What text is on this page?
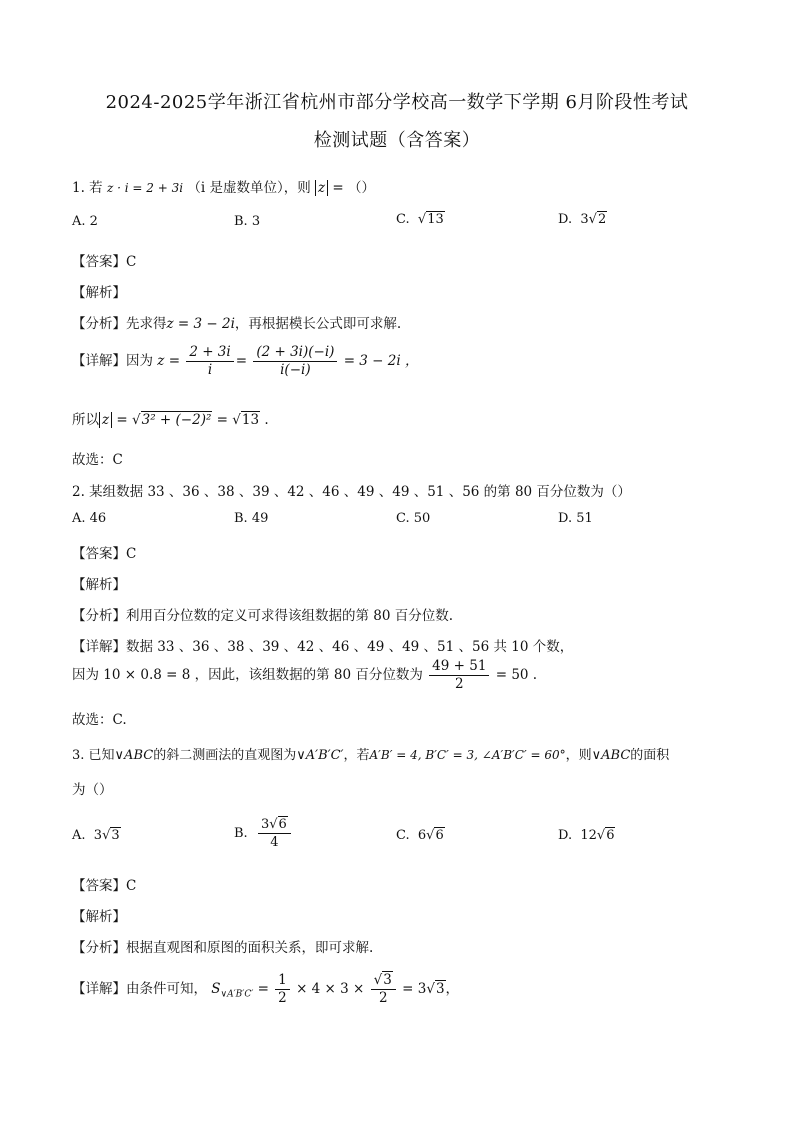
2024-2025学年浙江省杭州市部分学校高一数学下学期 6月阶段性考试
检测试题（含答案）
1. 若 z · i = 2 + 3i （i 是虚数单位），则 z = （）
A. 2	B. 3	C. √13	D. 3√2
【答案】C
【解析】
【分析】先求得z = 3 − 2i，再根据模长公式即可求解.
【详解】因为 $z = \frac{2 + 3i}{i} = \frac{(2 + 3i)(-i)}{i(-i)} = 3 - 2i$ ，
所以 z = √3² + (−2)² = √13 .
故选：C
2. 某组数据 33 、36 、38 、39 、42 、46 、49 、49 、51 、56 的第 80 百分位数为（）
A. 46	B. 49	C. 50	D. 51
【答案】C
【解析】
【分析】利用百分位数的定义可求得该组数据的第 80 百分位数.
【详解】数据 33 、36 、38 、39 、42 、46 、49 、49 、51 、56 共 10 个数，
因为 10 × 0.8 = 8 ，因此，该组数据的第 80 百分位数为 $\frac{49 + 51}{2} = 50$ .
故选：C.
3. 已知∨ABC的斜二测画法的直观图为∨A′B′C′，若A′B′ = 4, B′C′ = 3, ∠A′B′C′ = 60°，则∨ABC的面积
为（）
A. 3√3	B. $\frac{3√6}{4}$	C. 6√6	D. 12√6
【答案】C
【解析】
【分析】根据直观图和原图的面积关系，即可求解.
【详解】由条件可知， $S_{\vee A'B'C'} = \frac{1}{2} \times 4 \times 3 \times \frac{√3}{2} = 3√3$，
